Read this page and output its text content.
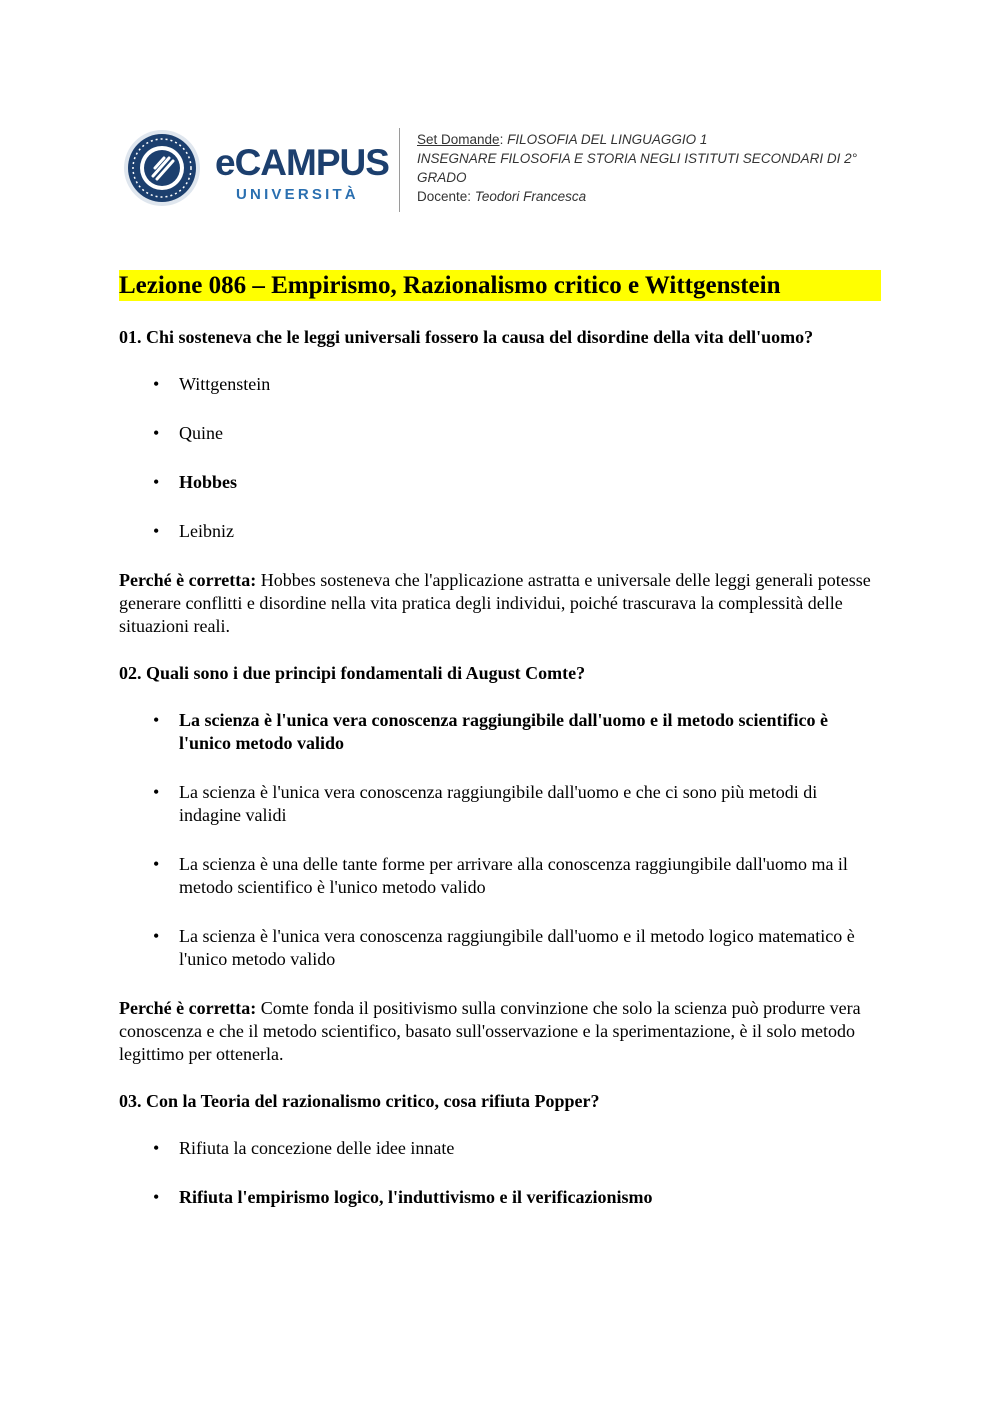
eCAMPUS
UNIVERSITÀ
Set Domande: FILOSOFIA DEL LINGUAGGIO 1
INSEGNARE FILOSOFIA E STORIA NEGLI ISTITUTI SECONDARI DI 2° GRADO
Docente: Teodori Francesca
Lezione 086 – Empirismo, Razionalismo critico e Wittgenstein
01. Chi sosteneva che le leggi universali fossero la causa del disordine della vita dell'uomo?
• Wittgenstein
• Quine
• Hobbes
• Leibniz
Perché è corretta: Hobbes sosteneva che l'applicazione astratta e universale delle leggi generali potesse generare conflitti e disordine nella vita pratica degli individui, poiché trascurava la complessità delle situazioni reali.
02. Quali sono i due principi fondamentali di August Comte?
• La scienza è l'unica vera conoscenza raggiungibile dall'uomo e il metodo scientifico è l'unico metodo valido
• La scienza è l'unica vera conoscenza raggiungibile dall'uomo e che ci sono più metodi di indagine validi
• La scienza è una delle tante forme per arrivare alla conoscenza raggiungibile dall'uomo ma il metodo scientifico è l'unico metodo valido
• La scienza è l'unica vera conoscenza raggiungibile dall'uomo e il metodo logico matematico è l'unico metodo valido
Perché è corretta: Comte fonda il positivismo sulla convinzione che solo la scienza può produrre vera conoscenza e che il metodo scientifico, basato sull'osservazione e la sperimentazione, è il solo metodo legittimo per ottenerla.
03. Con la Teoria del razionalismo critico, cosa rifiuta Popper?
• Rifiuta la concezione delle idee innate
• Rifiuta l'empirismo logico, l'induttivismo e il verificazionismo
